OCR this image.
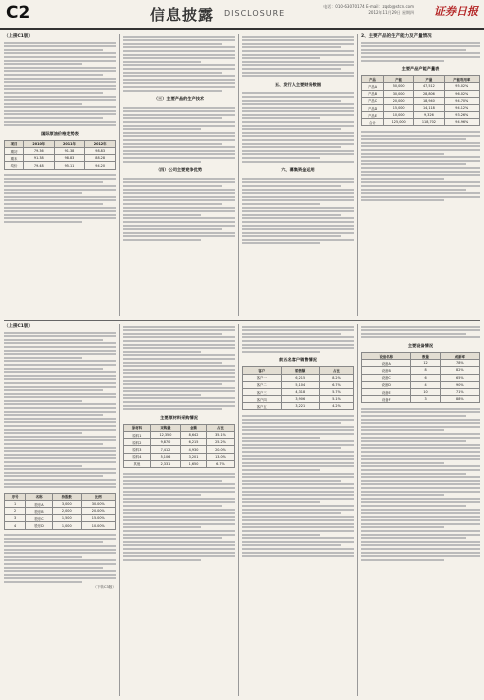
C2	信息披露 DISCLOSURE
电话：010-63070174 E-mail：zqsb@stcn.com
2012年11月29日 星期四 证券日报
（上接C1版）
国际原油价格走势表
项目	2010年	2011年	2012年
期初	79.36	91.38	98.83
期末	91.38	98.83	88.28
均价	79.48	95.11	94.20
（三）主要产品的生产技术
（四）公司主要竞争优势
五、发行人主要财务数据
六、募集资金运用
2、主要产品的生产能力及产量情况
主要产品产能产量表
产品	产能	产量	产能利用率
产品A	50,000	47,512	95.02%
产品B	30,000	28,806	96.02%
产品C	20,000	18,940	94.70%
产品D	15,000	14,118	94.12%
产品E	10,000	9,326	93.26%
合计	125,000	118,702	94.96%
（上接C1版）
序号	名称	持股数	比例
1	股东A	3,000	30.00%
2	股东B	2,000	20.00%
3	股东C	1,500	15.00%
4	股东D	1,000	10.00%
（下转C3版）
主要原材料采购情况
原材料	采购量	金额	占比
原料1	12,350	8,642	35.1%
原料2	9,870	6,215	25.2%
原料3	7,412	4,930	20.0%
原料4	5,106	3,201	13.0%
其他	2,331	1,650	6.7%
前五名客户销售情况
客户	销售额	占比
客户一	6,215	8.2%
客户二	5,104	6.7%
客户三	4,318	5.7%
客户四	3,906	5.1%
客户五	3,221	4.2%
主要设备情况
设备名称	数量	成新率
设备A	12	78%
设备B	8	82%
设备C	6	65%
设备D	4	90%
设备E	10	71%
设备F	3	88%
